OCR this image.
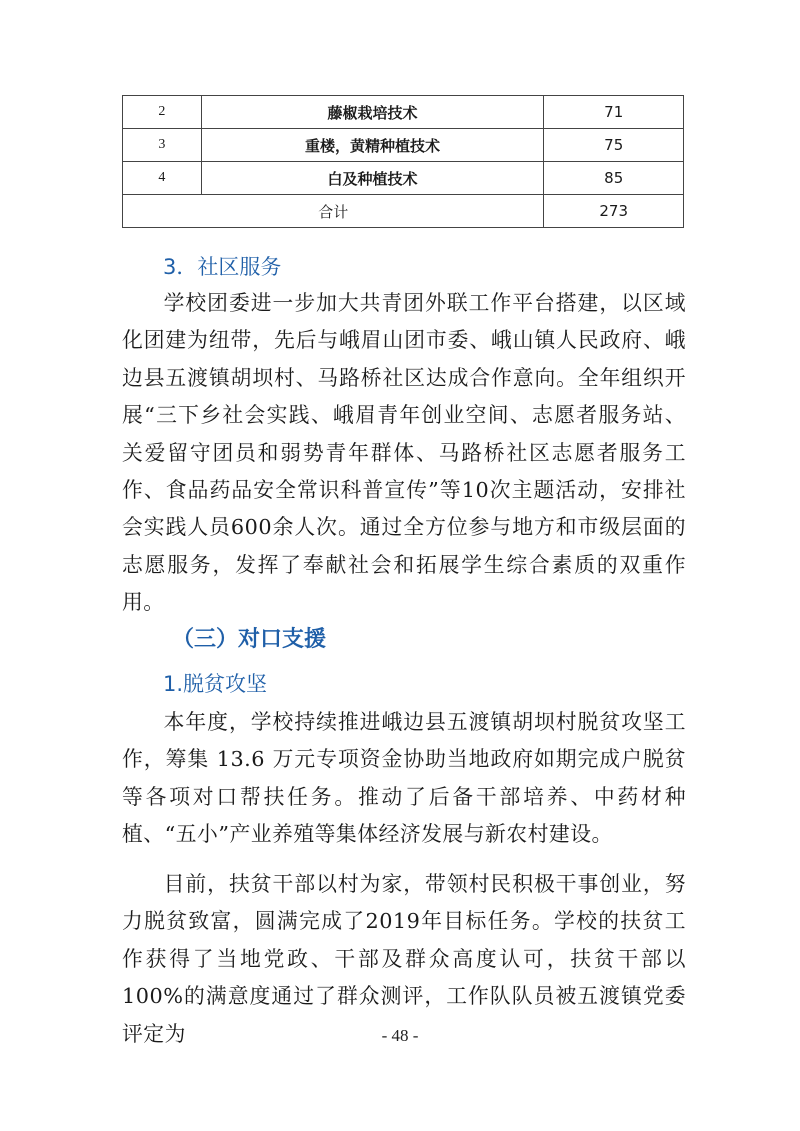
2	藤椒栽培技术	71
3	重楼，黄精种植技术	75
4	白及种植技术	85
合计		273
3．社区服务

学校团委进一步加大共青团外联工作平台搭建，以区域化团建为纽带，先后与峨眉山团市委、峨山镇人民政府、峨边县五渡镇胡坝村、马路桥社区达成合作意向。全年组织开展“三下乡社会实践、峨眉青年创业空间、志愿者服务站、关爱留守团员和弱势青年群体、马路桥社区志愿者服务工作、食品药品安全常识科普宣传”等10次主题活动，安排社会实践人员600余人次。通过全方位参与地方和市级层面的志愿服务，发挥了奉献社会和拓展学生综合素质的双重作用。

（三）对口支援
1.脱贫攻坚

本年度，学校持续推进峨边县五渡镇胡坝村脱贫攻坚工作，筹集 13.6 万元专项资金协助当地政府如期完成户脱贫等各项对口帮扶任务。推动了后备干部培养、中药材种植、“五小”产业养殖等集体经济发展与新农村建设。

目前，扶贫干部以村为家，带领村民积极干事创业，努力脱贫致富，圆满完成了2019年目标任务。学校的扶贫工作获得了当地党政、干部及群众高度认可，扶贫干部以100%的满意度通过了群众测评，工作队队员被五渡镇党委评定为	- 48 -
